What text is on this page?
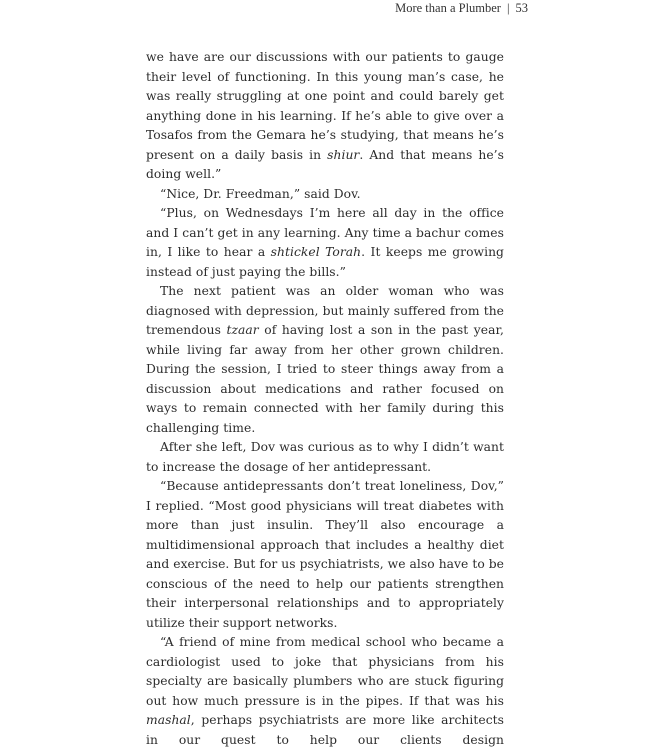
More than a Plumber | 53

we have are our discussions with our patients to gauge their level of functioning. In this young man’s case, he was really struggling at one point and could barely get anything done in his learning. If he’s able to give over a Tosafos from the Gemara he’s studying, that means he’s present on a daily basis in shiur. And that means he’s doing well.”

“Nice, Dr. Freedman,” said Dov.

“Plus, on Wednesdays I’m here all day in the office and I can’t get in any learning. Any time a bachur comes in, I like to hear a shtickel Torah. It keeps me growing instead of just paying the bills.”

The next patient was an older woman who was diagnosed with depression, but mainly suffered from the tremendous tzaar of having lost a son in the past year, while living far away from her other grown children. During the session, I tried to steer things away from a discussion about medications and rather focused on ways to remain connected with her family during this challenging time.

After she left, Dov was curious as to why I didn’t want to increase the dosage of her antidepressant.

“Because antidepressants don’t treat loneliness, Dov,” I replied. “Most good physicians will treat diabetes with more than just insulin. They’ll also encourage a multidimensional approach that includes a healthy diet and exercise. But for us psychiatrists, we also have to be conscious of the need to help our patients strengthen their interpersonal relationships and to appropriately utilize their support networks.

“A friend of mine from medical school who became a cardiologist used to joke that physicians from his specialty are basically plumbers who are stuck figuring out how much pressure is in the pipes. If that was his mashal, perhaps psychiatrists are more like architects in our quest to help our clients design
